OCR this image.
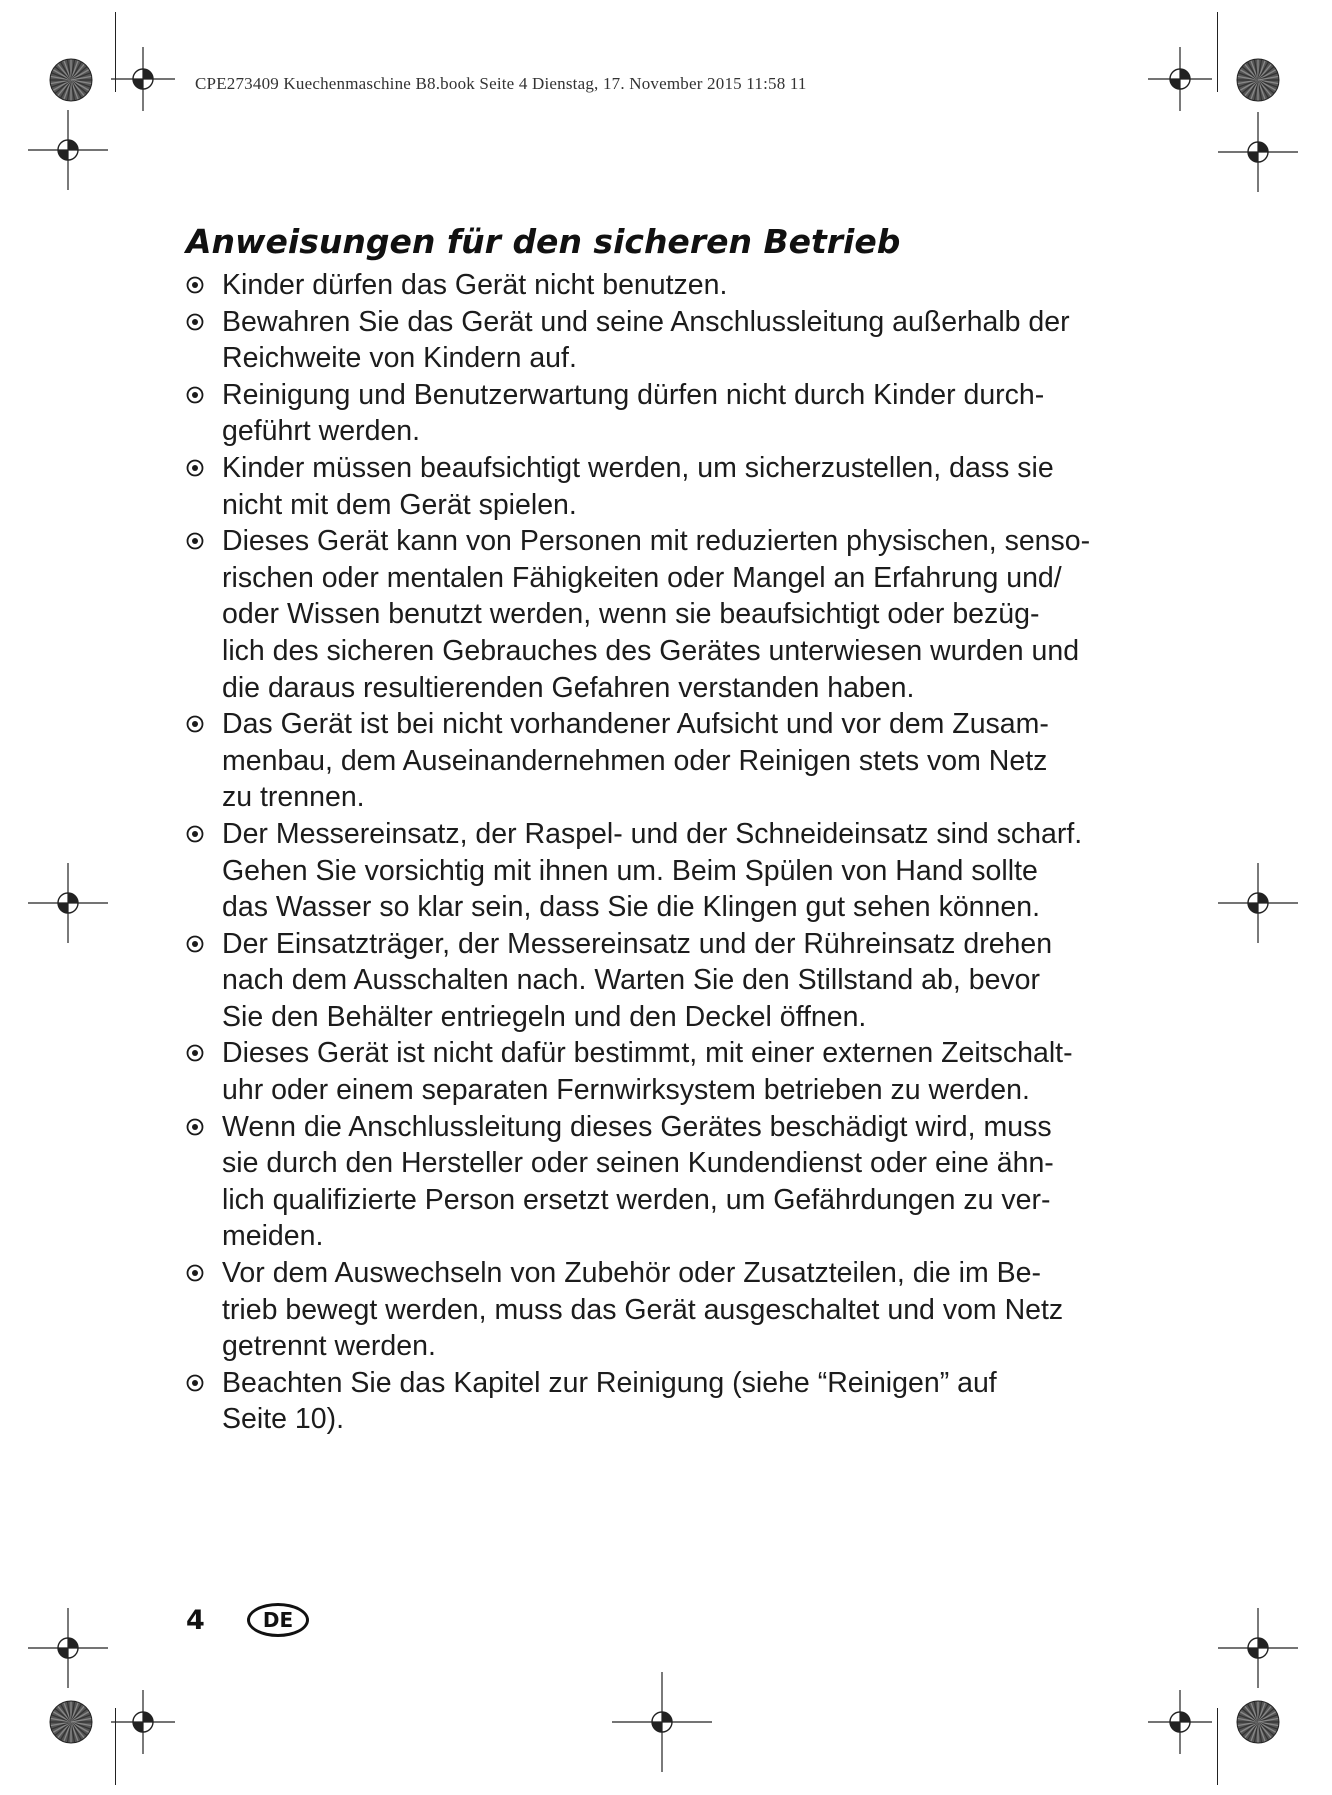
CPE273409 Kuechenmaschine B8.book Seite 4 Dienstag, 17. November 2015 11:58 11
Anweisungen für den sicheren Betrieb
Kinder dürfen das Gerät nicht benutzen.
Bewahren Sie das Gerät und seine Anschlussleitung außerhalb der
Reichweite von Kindern auf.
Reinigung und Benutzerwartung dürfen nicht durch Kinder durch-
geführt werden.
Kinder müssen beaufsichtigt werden, um sicherzustellen, dass sie
nicht mit dem Gerät spielen.
Dieses Gerät kann von Personen mit reduzierten physischen, senso-
rischen oder mentalen Fähigkeiten oder Mangel an Erfahrung und/
oder Wissen benutzt werden, wenn sie beaufsichtigt oder bezüg-
lich des sicheren Gebrauches des Gerätes unterwiesen wurden und
die daraus resultierenden Gefahren verstanden haben.
Das Gerät ist bei nicht vorhandener Aufsicht und vor dem Zusam-
menbau, dem Auseinandernehmen oder Reinigen stets vom Netz
zu trennen.
Der Messereinsatz, der Raspel- und der Schneideinsatz sind scharf.
Gehen Sie vorsichtig mit ihnen um. Beim Spülen von Hand sollte
das Wasser so klar sein, dass Sie die Klingen gut sehen können.
Der Einsatzträger, der Messereinsatz und der Rühreinsatz drehen
nach dem Ausschalten nach. Warten Sie den Stillstand ab, bevor
Sie den Behälter entriegeln und den Deckel öffnen.
Dieses Gerät ist nicht dafür bestimmt, mit einer externen Zeitschalt-
uhr oder einem separaten Fernwirksystem betrieben zu werden.
Wenn die Anschlussleitung dieses Gerätes beschädigt wird, muss
sie durch den Hersteller oder seinen Kundendienst oder eine ähn-
lich qualifizierte Person ersetzt werden, um Gefährdungen zu ver-
meiden.
Vor dem Auswechseln von Zubehör oder Zusatzteilen, die im Be-
trieb bewegt werden, muss das Gerät ausgeschaltet und vom Netz
getrennt werden.
Beachten Sie das Kapitel zur Reinigung (siehe “Reinigen” auf
Seite 10).
4	DE
